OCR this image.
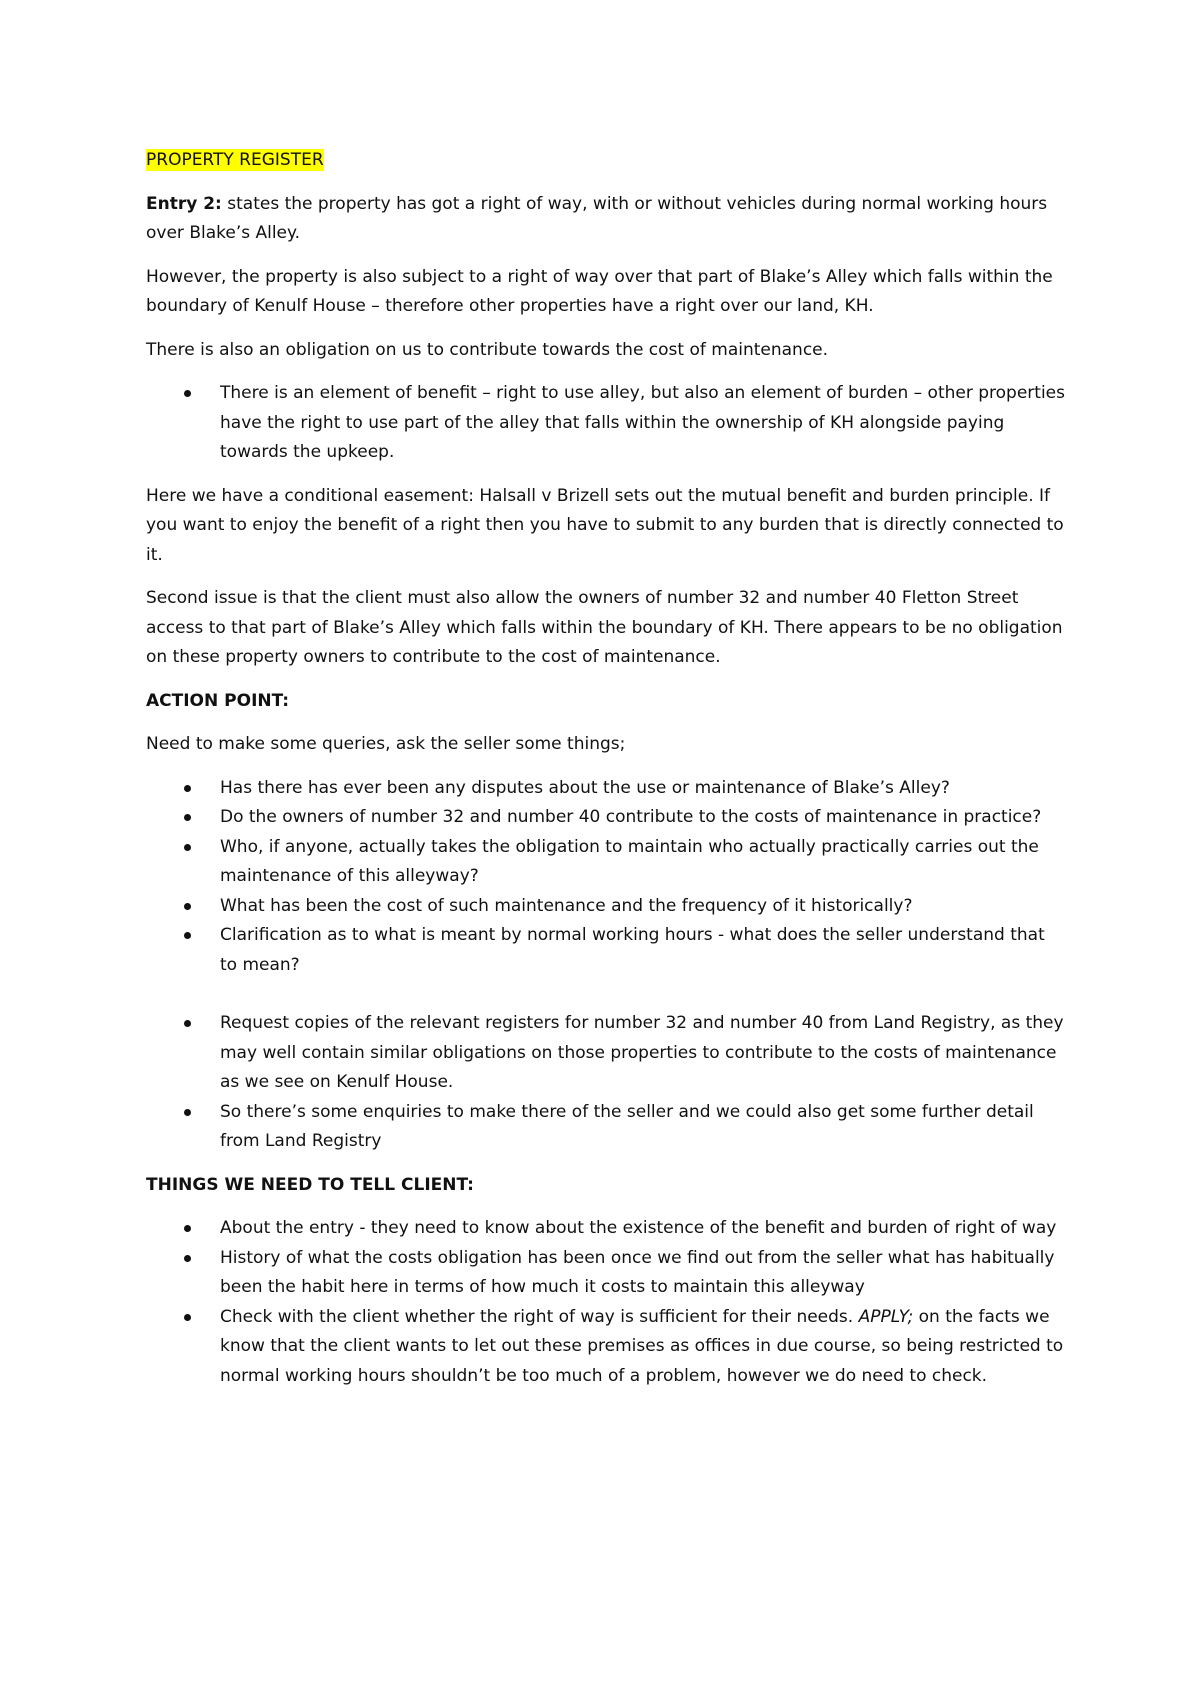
PROPERTY REGISTER

Entry 2: states the property has got a right of way, with or without vehicles during normal working hours over Blake’s Alley.

However, the property is also subject to a right of way over that part of Blake’s Alley which falls within the boundary of Kenulf House – therefore other properties have a right over our land, KH.

There is also an obligation on us to contribute towards the cost of maintenance.

There is an element of benefit – right to use alley, but also an element of burden – other properties have the right to use part of the alley that falls within the ownership of KH alongside paying towards the upkeep.

Here we have a conditional easement: Halsall v Brizell sets out the mutual benefit and burden principle. If you want to enjoy the benefit of a right then you have to submit to any burden that is directly connected to it.

Second issue is that the client must also allow the owners of number 32 and number 40 Fletton Street access to that part of Blake’s Alley which falls within the boundary of KH. There appears to be no obligation on these property owners to contribute to the cost of maintenance.

ACTION POINT:

Need to make some queries, ask the seller some things;

Has there has ever been any disputes about the use or maintenance of Blake’s Alley?
Do the owners of number 32 and number 40 contribute to the costs of maintenance in practice?
Who, if anyone, actually takes the obligation to maintain who actually practically carries out the maintenance of this alleyway?
What has been the cost of such maintenance and the frequency of it historically?
Clarification as to what is meant by normal working hours - what does the seller understand that to mean?
Request copies of the relevant registers for number 32 and number 40 from Land Registry, as they may well contain similar obligations on those properties to contribute to the costs of maintenance as we see on Kenulf House.
So there’s some enquiries to make there of the seller and we could also get some further detail from Land Registry

THINGS WE NEED TO TELL CLIENT:

About the entry - they need to know about the existence of the benefit and burden of right of way
History of what the costs obligation has been once we find out from the seller what has habitually been the habit here in terms of how much it costs to maintain this alleyway
Check with the client whether the right of way is sufficient for their needs. APPLY; on the facts we know that the client wants to let out these premises as offices in due course, so being restricted to normal working hours shouldn’t be too much of a problem, however we do need to check.
